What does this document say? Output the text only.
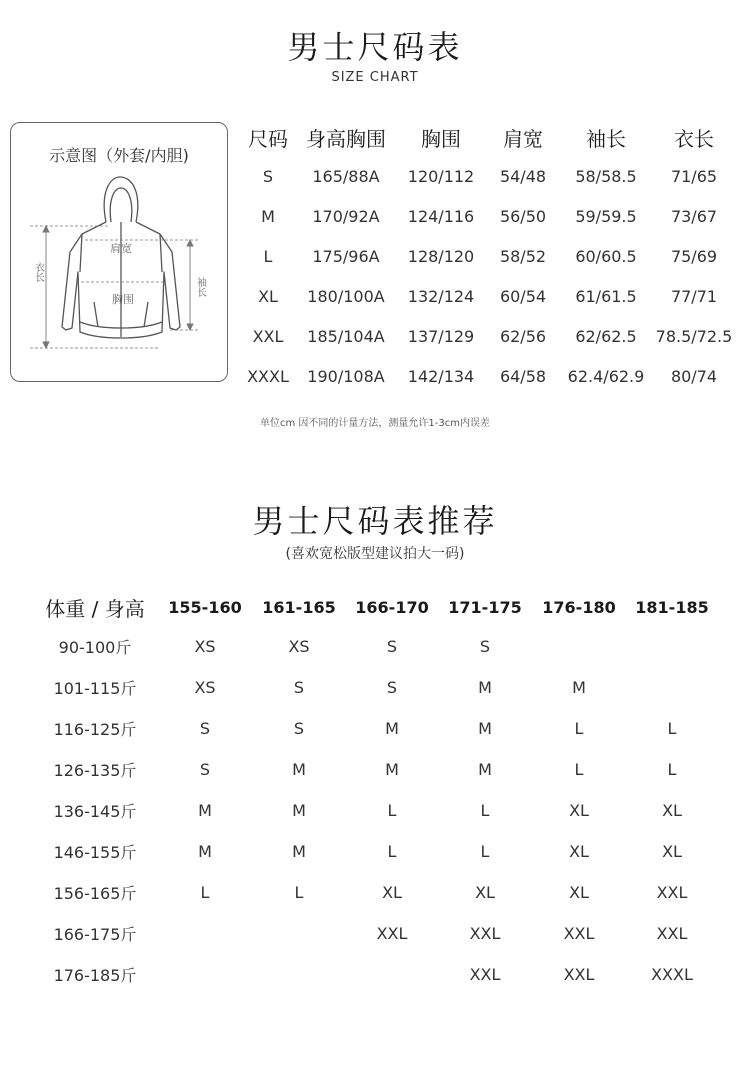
男士尺码表
SIZE CHART
示意图（外套/内胆)
肩宽
胸围
衣长
袖长
尺码	身高胸围	胸围	肩宽	袖长	衣长
S	165/88A	120/112	54/48	58/58.5	71/65
M	170/92A	124/116	56/50	59/59.5	73/67
L	175/96A	128/120	58/52	60/60.5	75/69
XL	180/100A	132/124	60/54	61/61.5	77/71
XXL	185/104A	137/129	62/56	62/62.5	78.5/72.5
XXXL	190/108A	142/134	64/58	62.4/62.9	80/74
单位cm 因不同的计量方法，测量允许1-3cm内误差
男士尺码表推荐
(喜欢宽松版型建议拍大一码)
体重 / 身高	155-160	161-165	166-170	171-175	176-180	181-185
90-100斤	XS	XS	S	S		
101-115斤	XS	S	S	M	M	
116-125斤	S	S	M	M	L	L
126-135斤	S	M	M	M	L	L
136-145斤	M	M	L	L	XL	XL
146-155斤	M	M	L	L	XL	XL
156-165斤	L	L	XL	XL	XL	XXL
166-175斤			XXL	XXL	XXL	XXL
176-185斤				XXL	XXL	XXXL
